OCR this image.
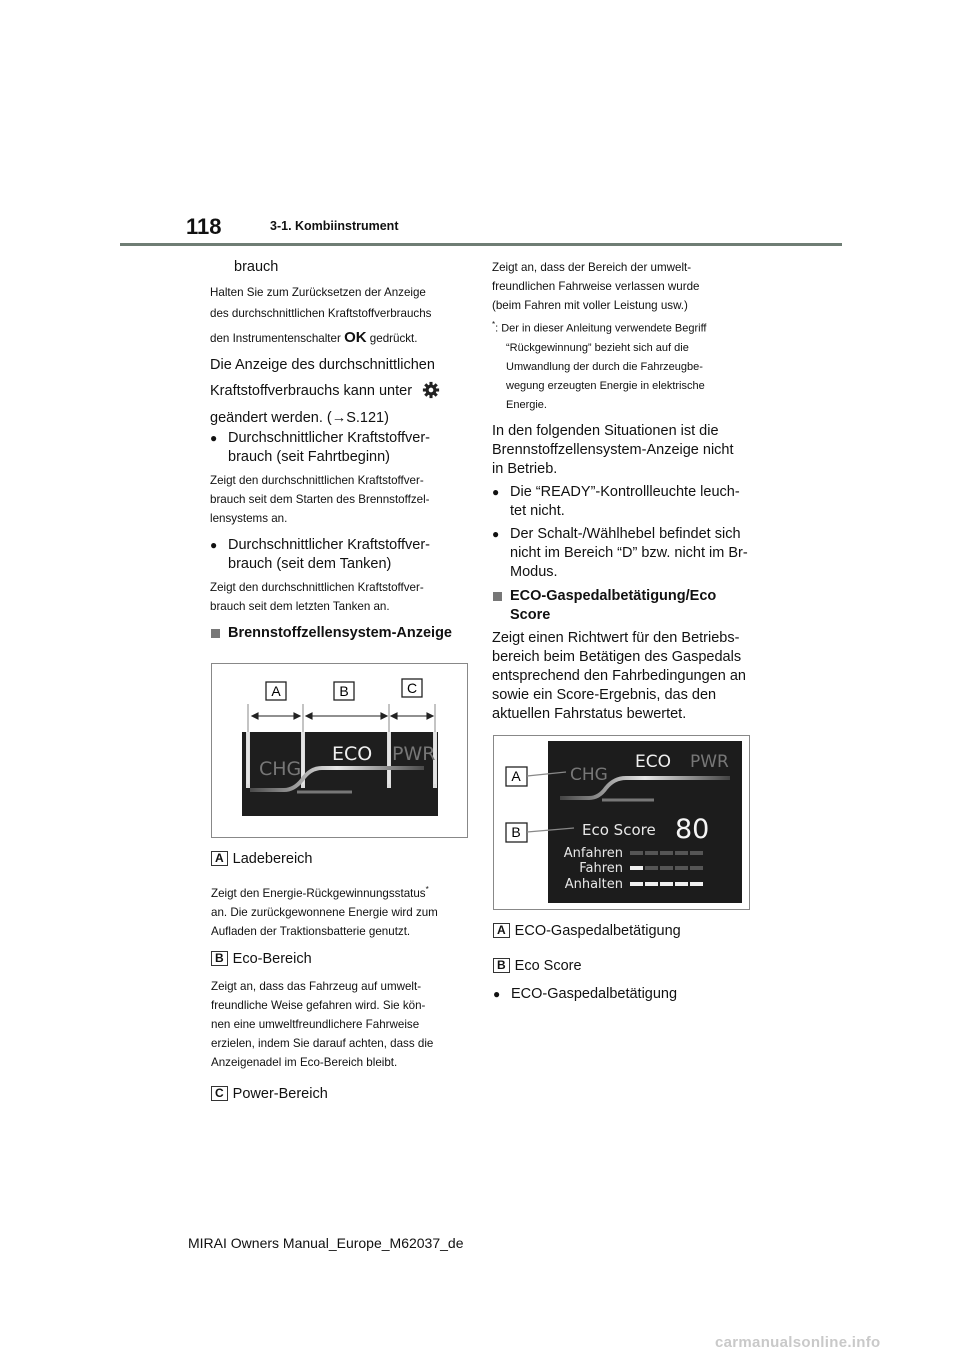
118	3-1. Kombiinstrument

brauch

Halten Sie zum Zurücksetzen der Anzeige

des durchschnittlichen Kraftstoffverbrauchs

den Instrumentenschalter OK gedrückt.

Die Anzeige des durchschnittlichen

Kraftstoffverbrauchs kann unter

geändert werden. (→S.121)

● Durchschnittlicher Kraftstoffver-
brauch (seit Fahrtbeginn)

Zeigt den durchschnittlichen Kraftstoffver-

brauch seit dem Starten des Brennstoffzel-

lensystems an.

● Durchschnittlicher Kraftstoffver-
brauch (seit dem Tanken)

Zeigt den durchschnittlichen Kraftstoffver-

brauch seit dem letzten Tanken an.

Brennstoffzellensystem-Anzeige
A	B	C
CHG
ECO PWR
A Ladebereich
Zeigt den Energie-Rückgewinnungsstatus*
an. Die zurückgewonnene Energie wird zum
Aufladen der Traktionsbatterie genutzt.
B Eco-Bereich
Zeigt an, dass das Fahrzeug auf umwelt-
freundliche Weise gefahren wird. Sie kön-
nen eine umweltfreundlichere Fahrweise
erzielen, indem Sie darauf achten, dass die
Anzeigenadel im Eco-Bereich bleibt.
C Power-Bereich

Zeigt an, dass der Bereich der umwelt-

freundlichen Fahrweise verlassen wurde

(beim Fahren mit voller Leistung usw.)

*: Der in dieser Anleitung verwendete Begriff
“Rückgewinnung” bezieht sich auf die
Umwandlung der durch die Fahrzeugbe-
wegung erzeugten Energie in elektrische
Energie.
In den folgenden Situationen ist die
Brennstoffzellensystem-Anzeige nicht
in Betrieb.
● Die “READY”-Kontrollleuchte leuch-
tet nicht.
● Der Schalt-/Wählhebel befindet sich
nicht im Bereich “D” bzw. nicht im Br-
Modus.
ECO-Gaspedalbetätigung/Eco
Score
Zeigt einen Richtwert für den Betriebs-
bereich beim Betätigen des Gaspedals
entsprechend den Fahrbedingungen an
sowie ein Score-Ergebnis, das den
aktuellen Fahrstatus bewertet.
A
B
CHG
ECO PWR
Eco Score 80
Anfahren
Fahren
Anhalten
A ECO-Gaspedalbetätigung
B Eco Score
● ECO-Gaspedalbetätigung
MIRAI Owners Manual_Europe_M62037_de
carmanualsonline.info
